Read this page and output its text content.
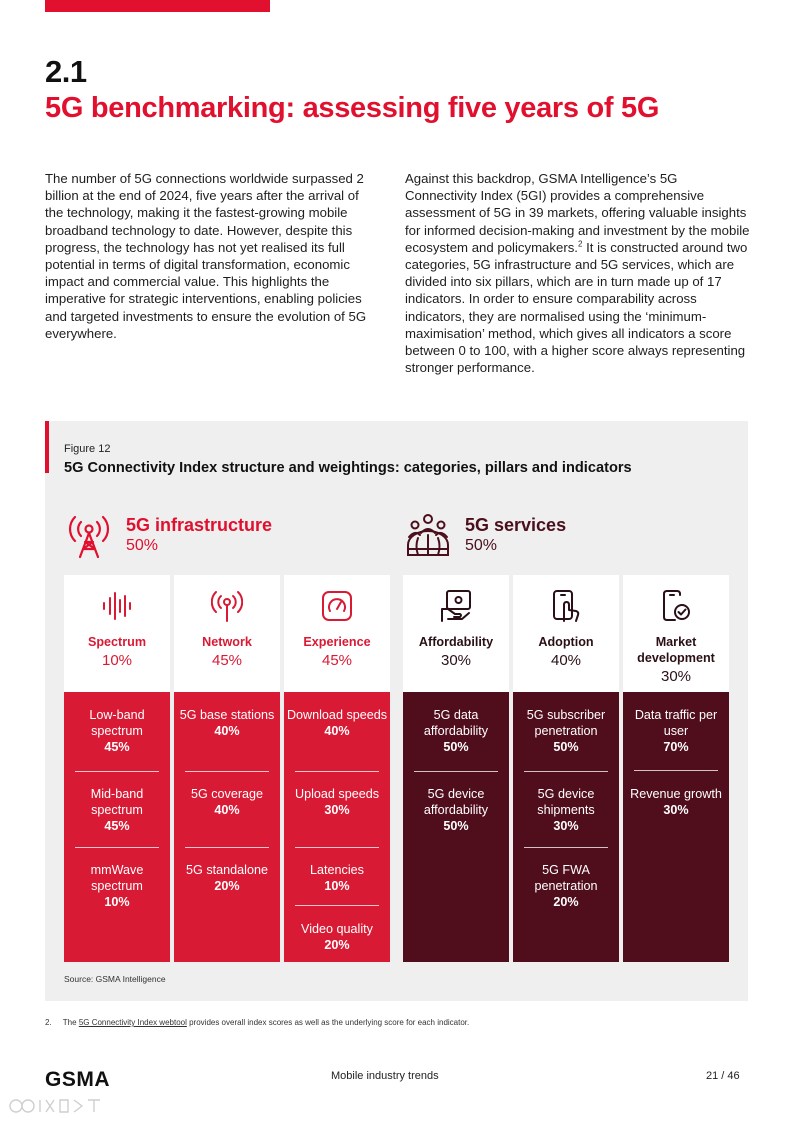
2.1
5G benchmarking: assessing five years of 5G
The number of 5G connections worldwide surpassed 2 billion at the end of 2024, five years after the arrival of the technology, making it the fastest-growing mobile broadband technology to date. However, despite this progress, the technology has not yet realised its full potential in terms of digital transformation, economic impact and commercial value. This highlights the imperative for strategic interventions, enabling policies and targeted investments to ensure the evolution of 5G everywhere.
Against this backdrop, GSMA Intelligence’s 5G Connectivity Index (5GI) provides a comprehensive assessment of 5G in 39 markets, offering valuable insights for informed decision-making and investment by the mobile ecosystem and policymakers.$^2$ It is constructed around two categories, 5G infrastructure and 5G services, which are divided into six pillars, which are in turn made up of 17 indicators. In order to ensure comparability across indicators, they are normalised using the ‘minimum-maximisation’ method, which gives all indicators a score between 0 to 100, with a higher score always representing stronger performance.
Figure 12
5G Connectivity Index structure and weightings: categories, pillars and indicators
5G infrastructure
50%
5G services
50%
Spectrum
10%
Low-band spectrum
45%
Mid-band spectrum
45%
mmWave spectrum
10%
Network
45%
5G base stations
40%
5G coverage
40%
5G standalone
20%
Experience
45%
Download speeds
40%
Upload speeds
30%
Latencies
10%
Video quality
20%
Affordability
30%
5G data affordability
50%
5G device affordability
50%
Adoption
40%
5G subscriber penetration
50%
5G device shipments
30%
5G FWA penetration
20%
Market development
30%
Data traffic per user
70%
Revenue growth
30%
Source: GSMA Intelligence
2. The 5G Connectivity Index webtool provides overall index scores as well as the underlying score for each indicator.
GSMA	Mobile industry trends	21 / 46
